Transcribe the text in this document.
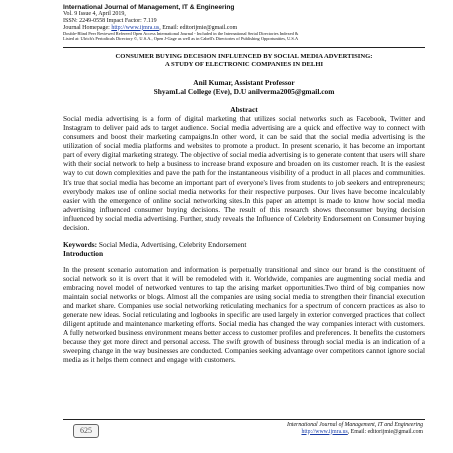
International Journal of Management, IT & Engineering
Vol. 9 Issue 4, April 2019,
ISSN: 2249-0558 Impact Factor: 7.119
Journal Homepage: http://www.ijmra.us, Email: editorijmie@gmail.com
Double-Blind Peer Reviewed Refereed Open Access International Journal - Included in the International Serial Directories Indexed &
Listed at: Ulrich's Periodicals Directory ©, U.S.A., Open J-Gage as well as in Cabell's Directories of Publishing Opportunities, U.S.A
CONSUMER BUYING DECISION INFLUENCED BY SOCIAL MEDIA ADVERTISING:
A STUDY OF ELECTRONIC COMPANIES IN DELHI
Anil Kumar, Assistant Professor
ShyamLal College (Eve), D.U anilverma2005@gmail.com
Abstract
Social media advertising is a form of digital marketing that utilizes social networks such as Facebook, Twitter and Instagram to deliver paid ads to target audience. Social media advertising are a quick and effective way to connect with consumers and boost their marketing campaigns.In other word, it can be said that the social media advertising is the utilization of social media platforms and websites to promote a product. In present scenario, it has become an important part of every digital marketing strategy. The objective of social media advertising is to generate content that users will share with their social network to help a business to increase brand exposure and broaden on its customer reach. It is the easiest way to cut down complexities and pave the path for the instantaneous visibility of a product in all places and communities. It's true that social media has become an important part of everyone's lives from students to job seekers and entrepreneurs; everybody makes use of online social media networks for their respective purposes. Our lives have become incalculably easier with the emergence of online social networking sites.In this paper an attempt is made to know how social media advertising influenced consumer buying decisions. The result of this research shows theconsumer buying decision influenced by social media advertising. Further, study reveals the Influence of Celebrity Endorsement on Consumer buying decision.
Keywords: Social Media, Advertising, Celebrity Endorsement
Introduction
In the present scenario automation and information is perpetually transitional and since our brand is the constituent of social network so it is overt that it will be remodeled with it. Worldwide, companies are augmenting social media and embracing novel model of networked ventures to tap the arising market opportunities.Two third of big companies now maintain social networks or blogs. Almost all the companies are using social media to strengthen their financial execution and market share. Companies use social networking reticulating mechanics for a spectrum of concern practices as also to generate new ideas. Social reticulating and logbooks in specific are used largely in exterior converged practices that collect diligent aptitude and maintenance marketing efforts. Social media has changed the way companies interact with customers. A fully networked business environment means better access to customer profiles and preferences. It benefits the customers because they get more direct and personal access. The swift growth of business through social media is an indication of a sweeping change in the way businesses are conducted. Companies seeking advantage over competitors cannot ignore social media as it helps them connect and engage with customers.
625
International Journal of Management, IT and Engineering
http://www.ijmra.us, Email: editorijmie@gmail.com
